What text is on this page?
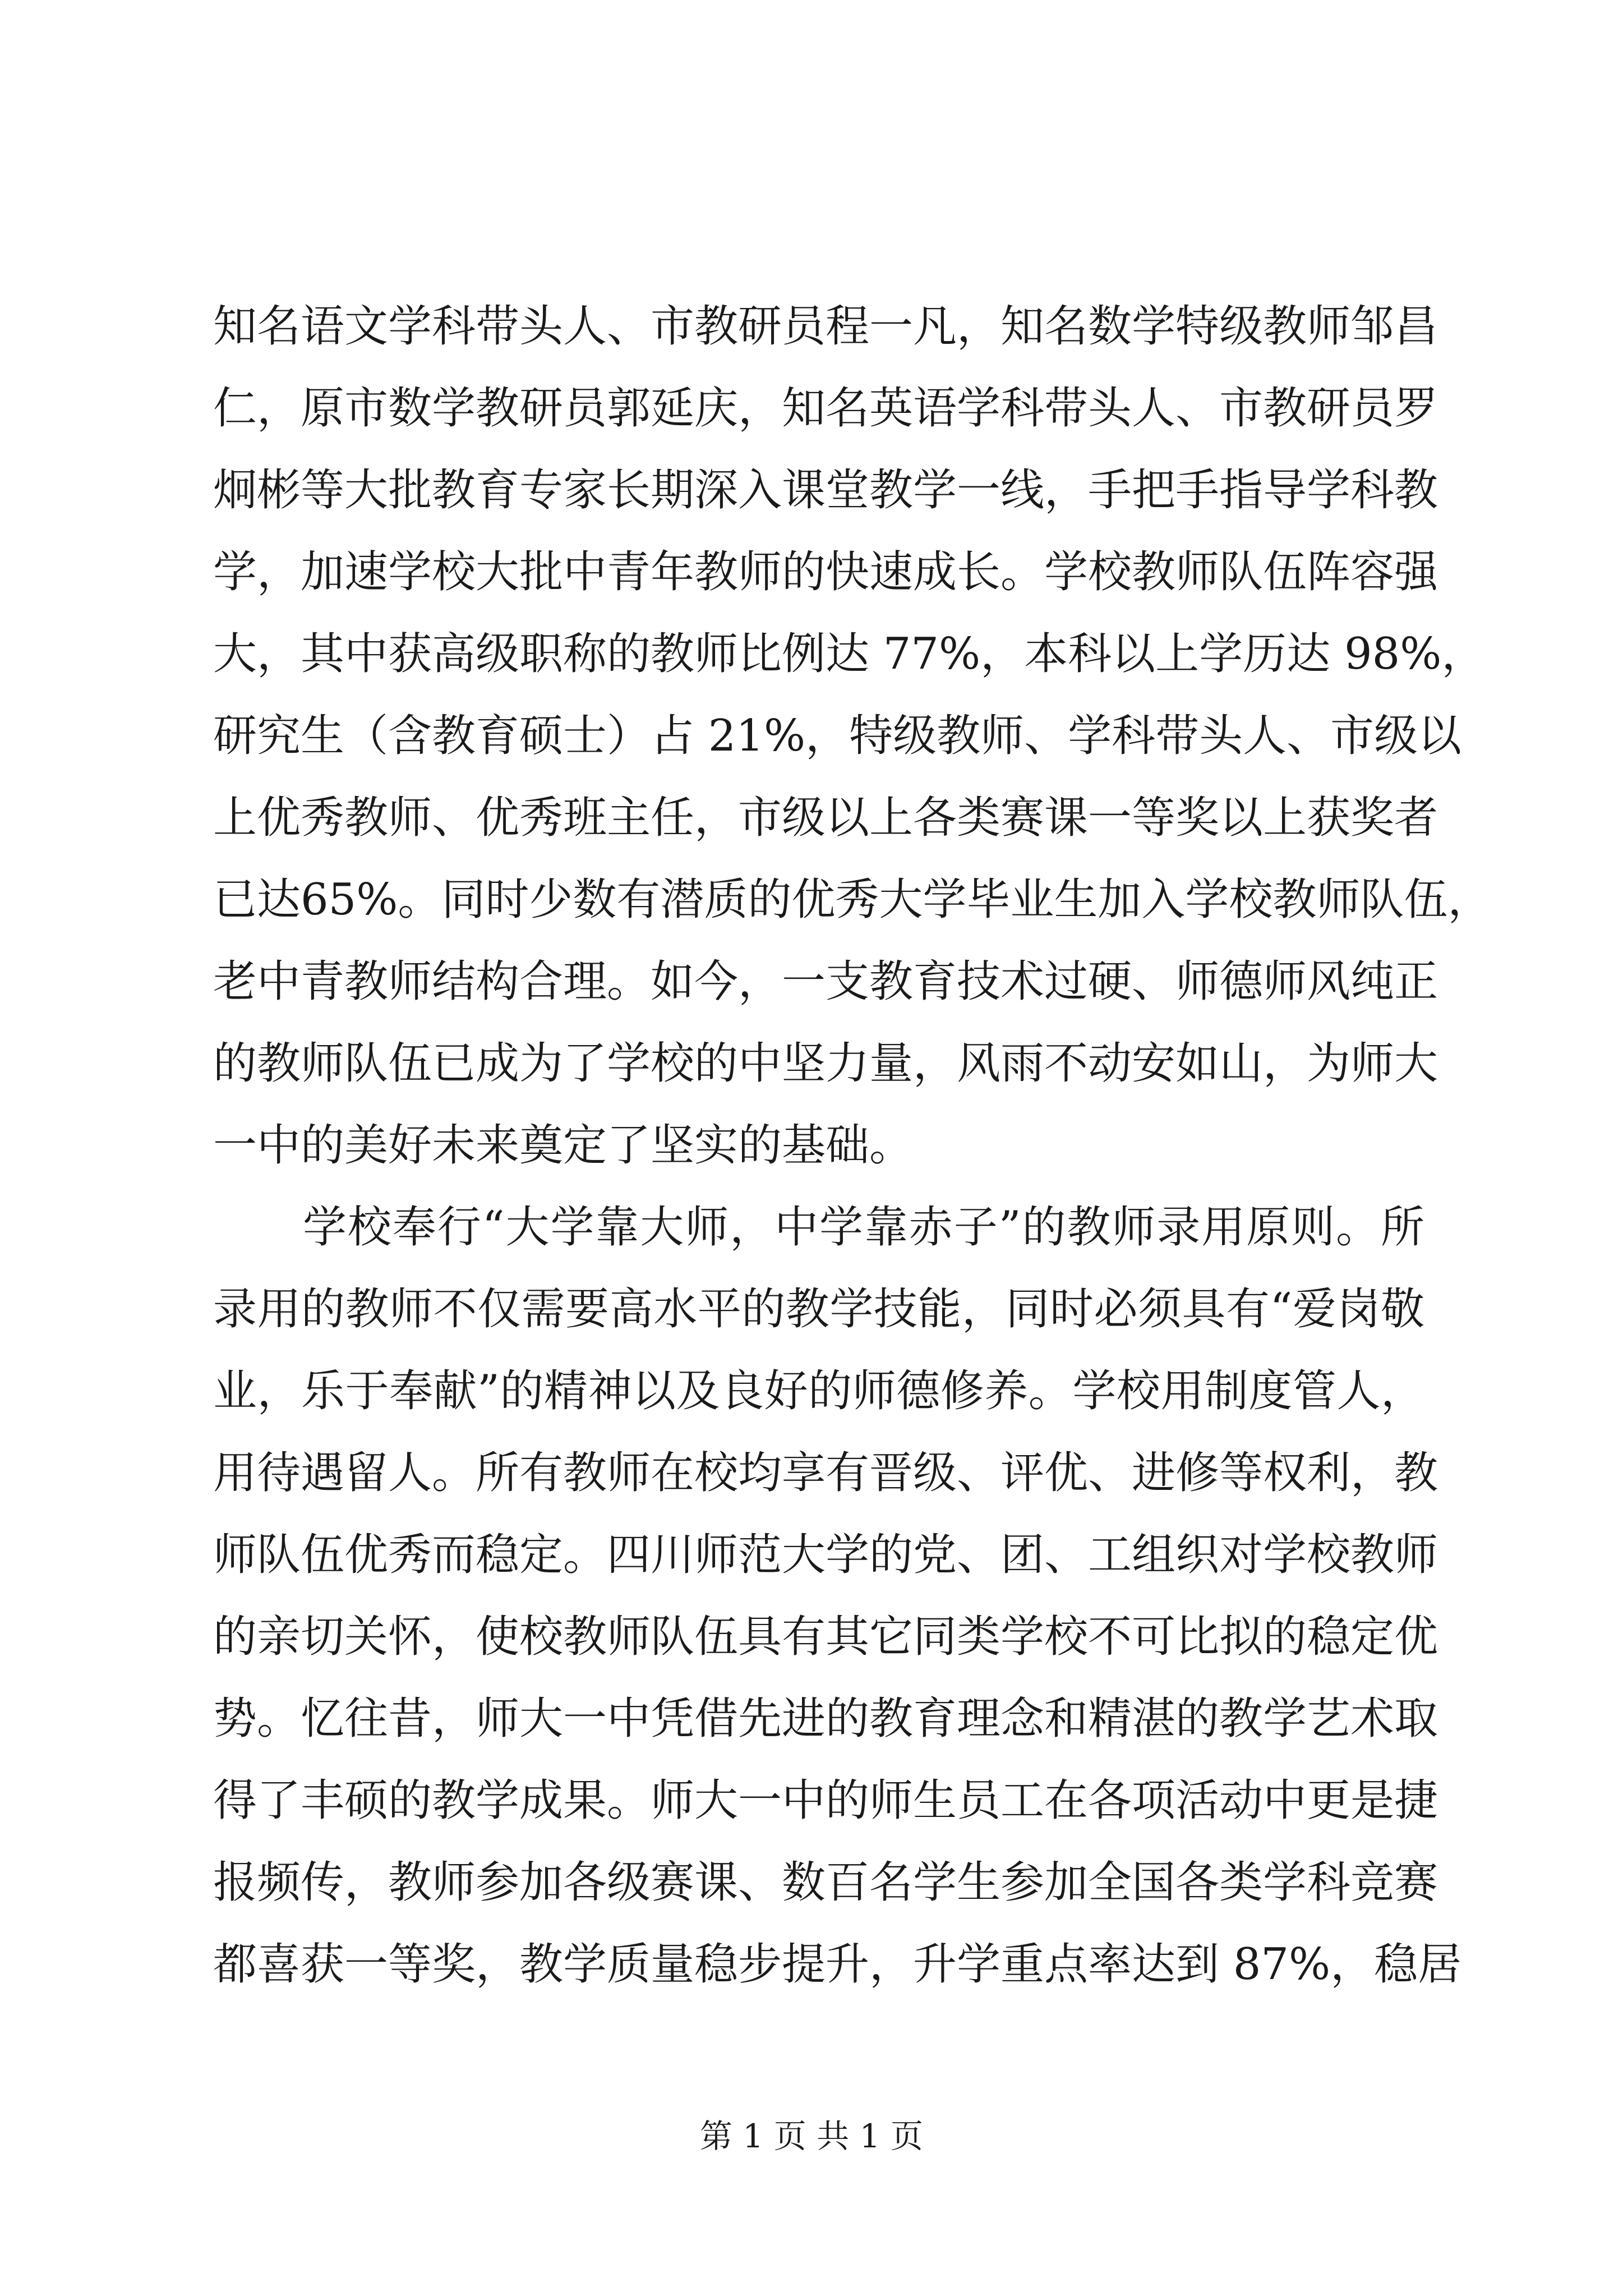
知名语文学科带头人、市教研员程一凡，知名数学特级教师邹昌
仁，原市数学教研员郭延庆，知名英语学科带头人、市教研员罗
炯彬等大批教育专家长期深入课堂教学一线，手把手指导学科教
学，加速学校大批中青年教师的快速成长。学校教师队伍阵容强
大，其中获高级职称的教师比例达 77%，本科以上学历达 98%，
研究生（含教育硕士）占 21%，特级教师、学科带头人、市级以
上优秀教师、优秀班主任，市级以上各类赛课一等奖以上获奖者
已达65%。同时少数有潜质的优秀大学毕业生加入学校教师队伍，
老中青教师结构合理。如今，一支教育技术过硬、师德师风纯正
的教师队伍已成为了学校的中坚力量，风雨不动安如山，为师大
一中的美好未来奠定了坚实的基础。
学校奉行“大学靠大师，中学靠赤子”的教师录用原则。所
录用的教师不仅需要高水平的教学技能，同时必须具有“爱岗敬
业，乐于奉献”的精神以及良好的师德修养。学校用制度管人，
用待遇留人。所有教师在校均享有晋级、评优、进修等权利，教
师队伍优秀而稳定。四川师范大学的党、团、工组织对学校教师
的亲切关怀，使校教师队伍具有其它同类学校不可比拟的稳定优
势。忆往昔，师大一中凭借先进的教育理念和精湛的教学艺术取
得了丰硕的教学成果。师大一中的师生员工在各项活动中更是捷
报频传，教师参加各级赛课、数百名学生参加全国各类学科竞赛
都喜获一等奖，教学质量稳步提升，升学重点率达到 87%，稳居
第 1 页 共 1 页
